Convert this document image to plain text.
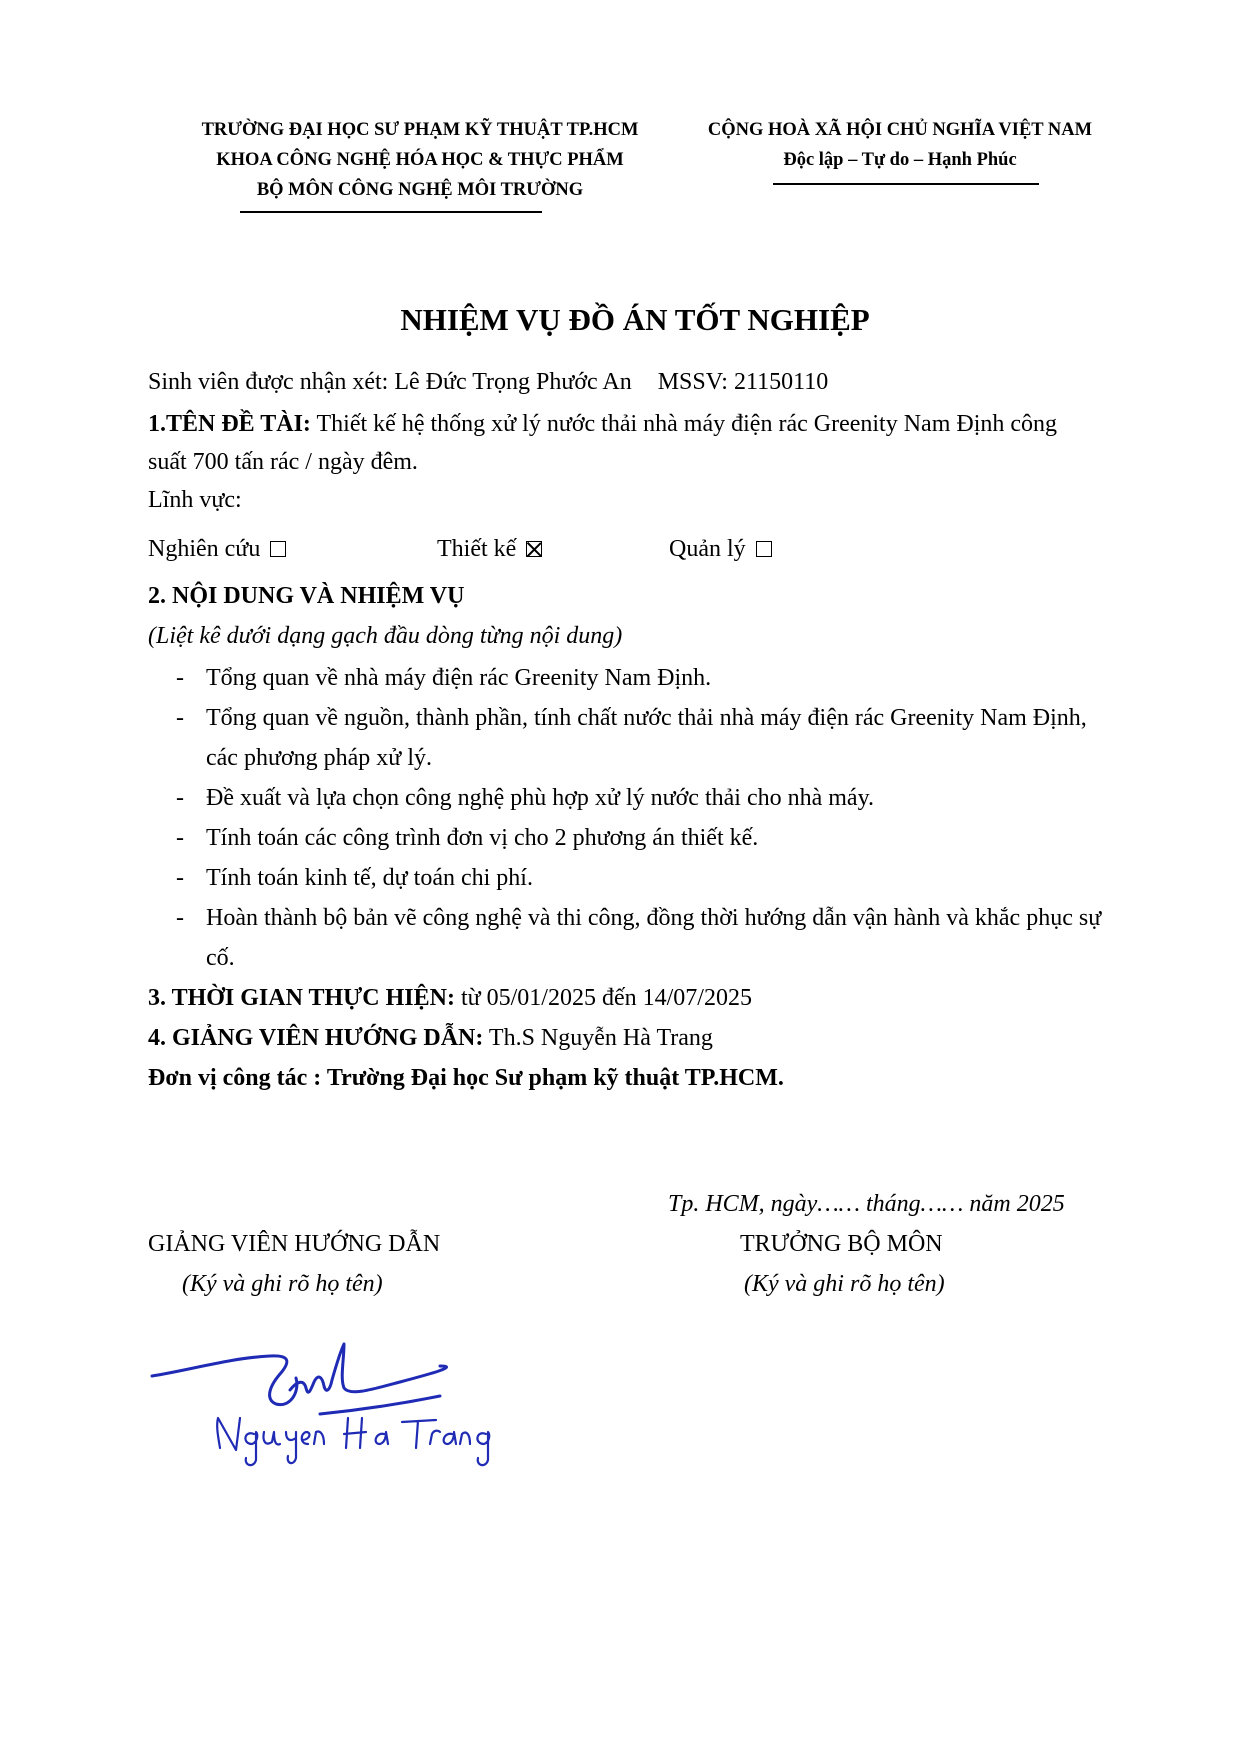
TRƯỜNG ĐẠI HỌC SƯ PHẠM KỸ THUẬT TP.HCM
KHOA CÔNG NGHỆ HÓA HỌC & THỰC PHẨM
BỘ MÔN CÔNG NGHỆ MÔI TRƯỜNG
CỘNG HOÀ XÃ HỘI CHỦ NGHĨA VIỆT NAM
Độc lập – Tự do – Hạnh Phúc
NHIỆM VỤ ĐỒ ÁN TỐT NGHIỆP
Sinh viên được nhận xét: Lê Đức Trọng Phước An MSSV: 21150110
1.TÊN ĐỀ TÀI: Thiết kế hệ thống xử lý nước thải nhà máy điện rác Greenity Nam Định công
suất 700 tấn rác / ngày đêm.
Lĩnh vực:
Nghiên cứu	Thiết kế	Quản lý
2. NỘI DUNG VÀ NHIỆM VỤ
(Liệt kê dưới dạng gạch đầu dòng từng nội dung)
- Tổng quan về nhà máy điện rác Greenity Nam Định.
- Tổng quan về nguồn, thành phần, tính chất nước thải nhà máy điện rác Greenity Nam Định, các phương pháp xử lý.
- Đề xuất và lựa chọn công nghệ phù hợp xử lý nước thải cho nhà máy.
- Tính toán các công trình đơn vị cho 2 phương án thiết kế.
- Tính toán kinh tế, dự toán chi phí.
- Hoàn thành bộ bản vẽ công nghệ và thi công, đồng thời hướng dẫn vận hành và khắc phục sự cố.
3. THỜI GIAN THỰC HIỆN: từ 05/01/2025 đến 14/07/2025
4. GIẢNG VIÊN HƯỚNG DẪN: Th.S Nguyễn Hà Trang
Đơn vị công tác : Trường Đại học Sư phạm kỹ thuật TP.HCM.
Tp. HCM, ngày…… tháng…… năm 2025
GIẢNG VIÊN HƯỚNG DẪN
(Ký và ghi rõ họ tên)
TRƯỞNG BỘ MÔN
(Ký và ghi rõ họ tên)
